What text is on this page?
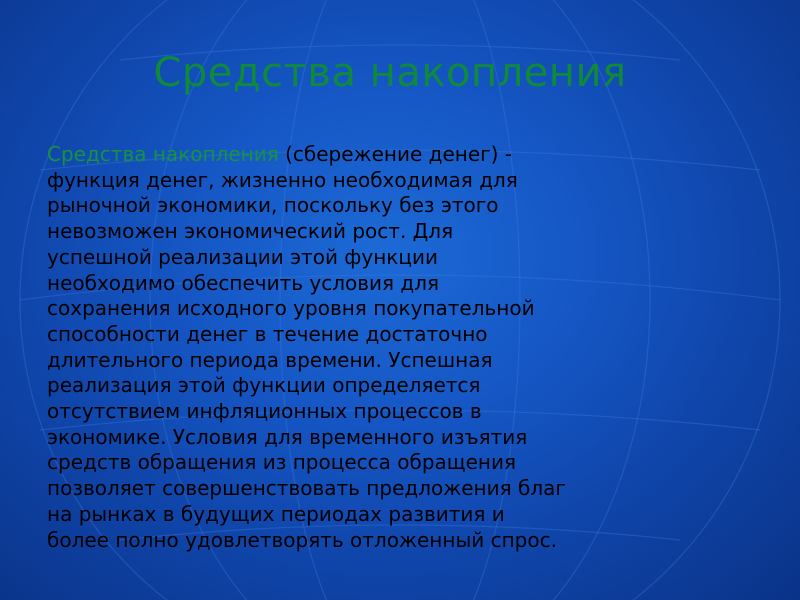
Средства накопления
Средства накопления (сбережение денег) -
функция денег, жизненно необходимая для
рыночной экономики, поскольку без этого
невозможен экономический рост. Для
успешной реализации этой функции
необходимо обеспечить условия для
сохранения исходного уровня покупательной
способности денег в течение достаточно
длительного периода времени. Успешная
реализация этой функции определяется
отсутствием инфляционных процессов в
экономике. Условия для временного изъятия
средств обращения из процесса обращения
позволяет совершенствовать предложения благ
на рынках в будущих периодах развития и
более полно удовлетворять отложенный спрос.
